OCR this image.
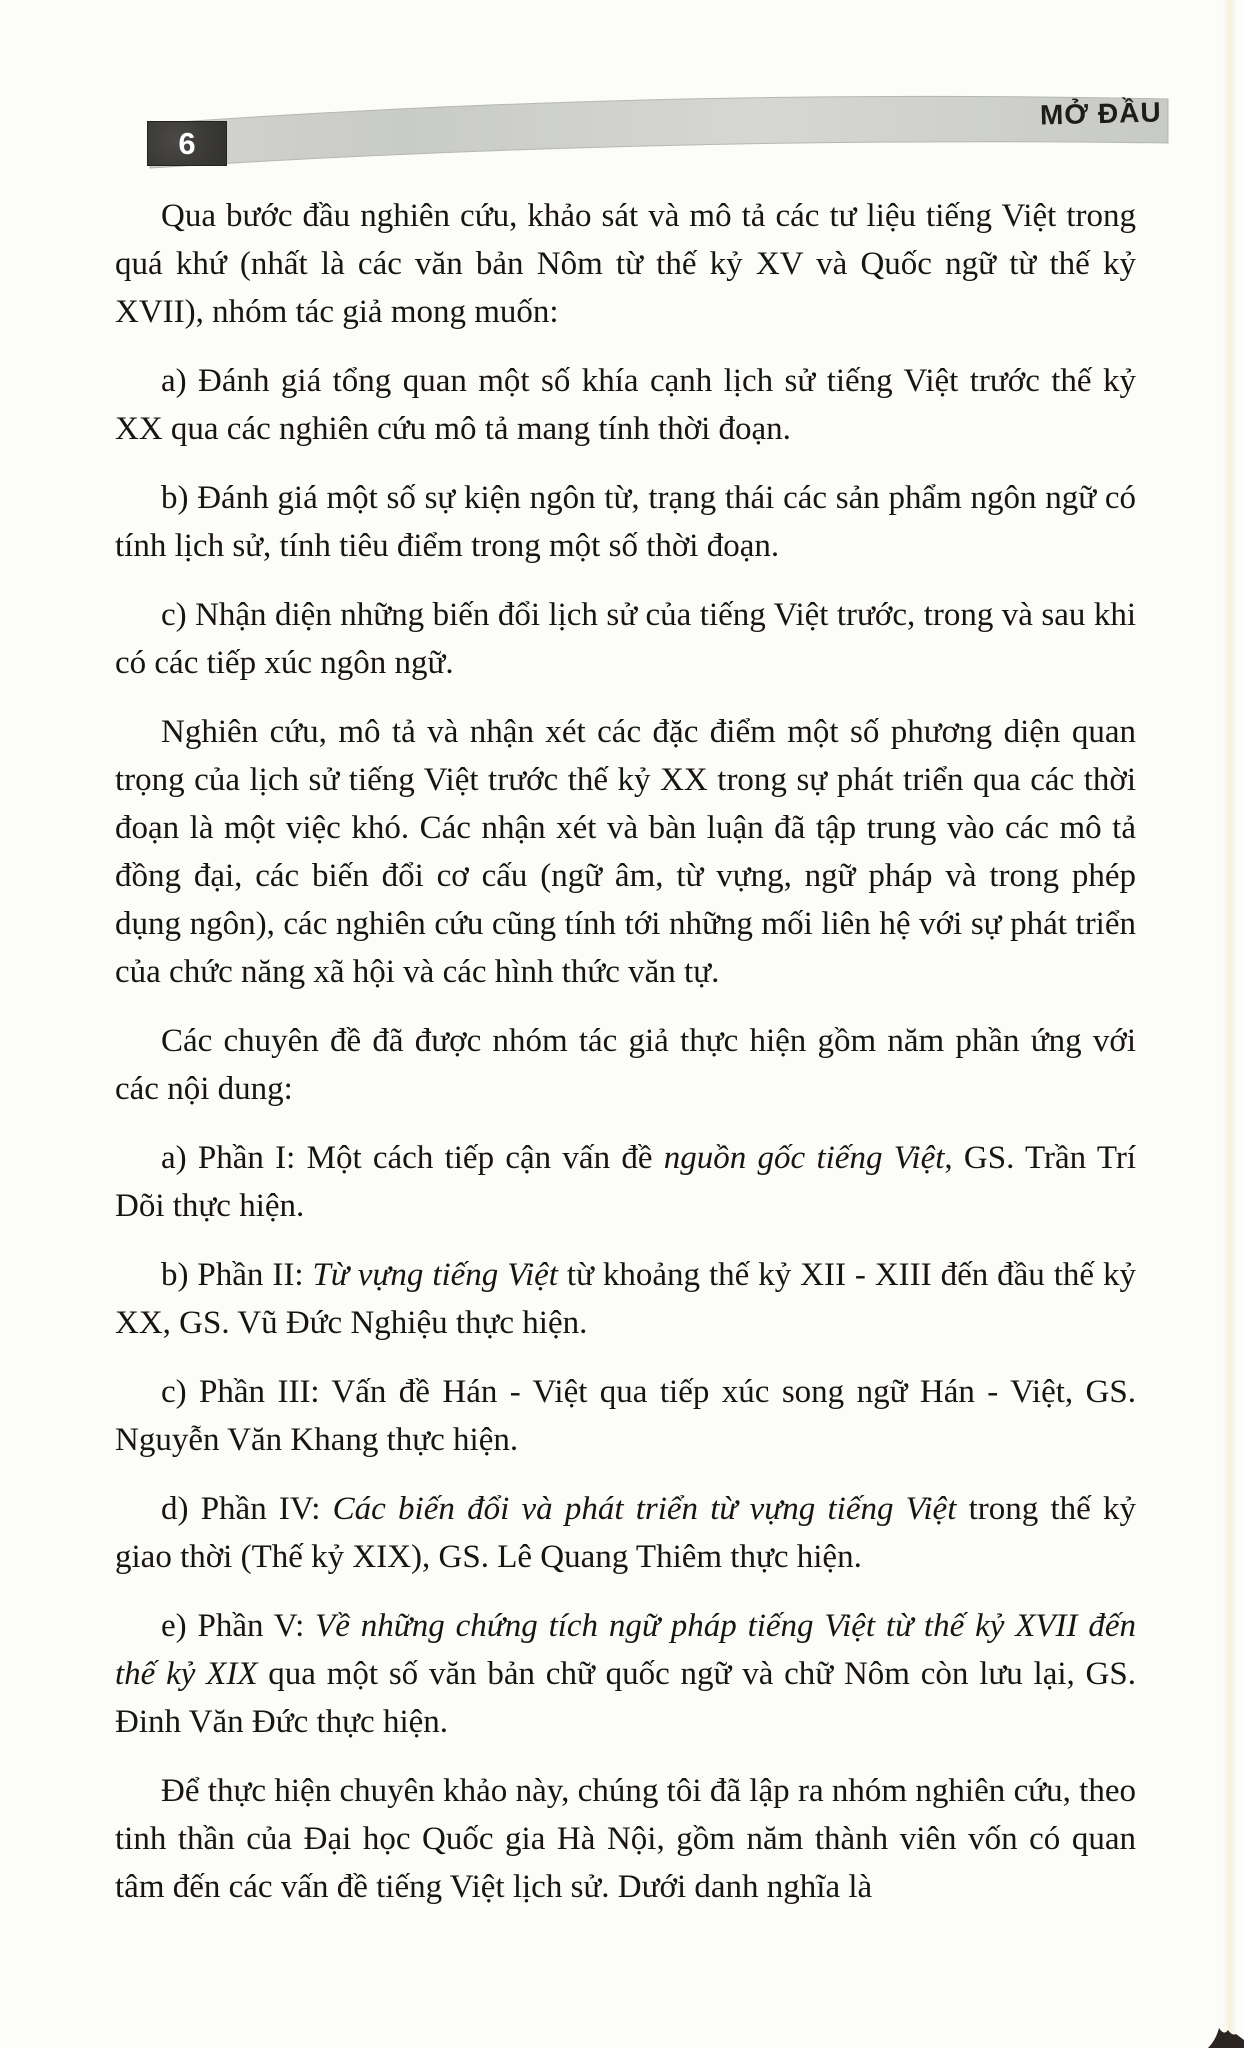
6
MỞ ĐẦU

Qua bước đầu nghiên cứu, khảo sát và mô tả các tư liệu tiếng Việt trong quá khứ (nhất là các văn bản Nôm từ thế kỷ XV và Quốc ngữ từ thế kỷ XVII), nhóm tác giả mong muốn:

a) Đánh giá tổng quan một số khía cạnh lịch sử tiếng Việt trước thế kỷ XX qua các nghiên cứu mô tả mang tính thời đoạn.

b) Đánh giá một số sự kiện ngôn từ, trạng thái các sản phẩm ngôn ngữ có tính lịch sử, tính tiêu điểm trong một số thời đoạn.

c) Nhận diện những biến đổi lịch sử của tiếng Việt trước, trong và sau khi có các tiếp xúc ngôn ngữ.

Nghiên cứu, mô tả và nhận xét các đặc điểm một số phương diện quan trọng của lịch sử tiếng Việt trước thế kỷ XX trong sự phát triển qua các thời đoạn là một việc khó. Các nhận xét và bàn luận đã tập trung vào các mô tả đồng đại, các biến đổi cơ cấu (ngữ âm, từ vựng, ngữ pháp và trong phép dụng ngôn), các nghiên cứu cũng tính tới những mối liên hệ với sự phát triển của chức năng xã hội và các hình thức văn tự.

Các chuyên đề đã được nhóm tác giả thực hiện gồm năm phần ứng với các nội dung:

a) Phần I: Một cách tiếp cận vấn đề nguồn gốc tiếng Việt, GS. Trần Trí Dõi thực hiện.

b) Phần II: Từ vựng tiếng Việt từ khoảng thế kỷ XII - XIII đến đầu thế kỷ XX, GS. Vũ Đức Nghiệu thực hiện.

c) Phần III: Vấn đề Hán - Việt qua tiếp xúc song ngữ Hán - Việt, GS. Nguyễn Văn Khang thực hiện.

d) Phần IV: Các biến đổi và phát triển từ vựng tiếng Việt trong thế kỷ giao thời (Thế kỷ XIX), GS. Lê Quang Thiêm thực hiện.

e) Phần V: Về những chứng tích ngữ pháp tiếng Việt từ thế kỷ XVII đến thế kỷ XIX qua một số văn bản chữ quốc ngữ và chữ Nôm còn lưu lại, GS. Đinh Văn Đức thực hiện.

Để thực hiện chuyên khảo này, chúng tôi đã lập ra nhóm nghiên cứu, theo tinh thần của Đại học Quốc gia Hà Nội, gồm năm thành viên vốn có quan tâm đến các vấn đề tiếng Việt lịch sử. Dưới danh nghĩa là
